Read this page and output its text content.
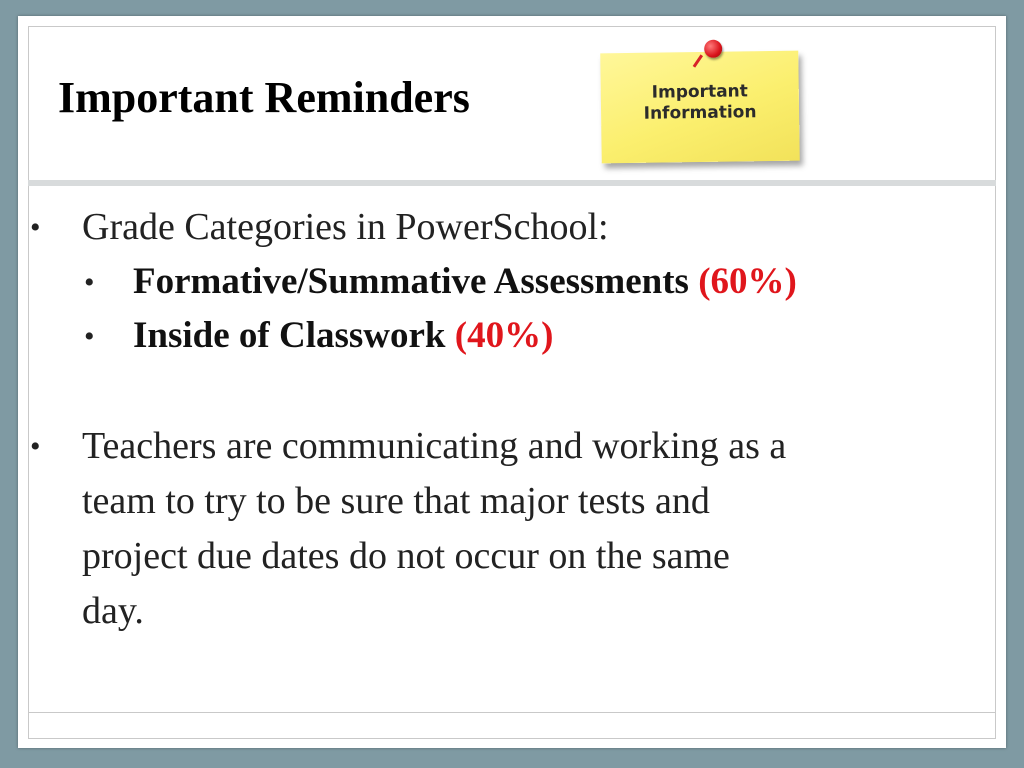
Important Reminders	Important
Information
• Grade Categories in PowerSchool:
• Formative/Summative Assessments (60%)
• Inside of Classwork (40%)
• Teachers are communicating and working as a
team to try to be sure that major tests and
project due dates do not occur on the same
day.
